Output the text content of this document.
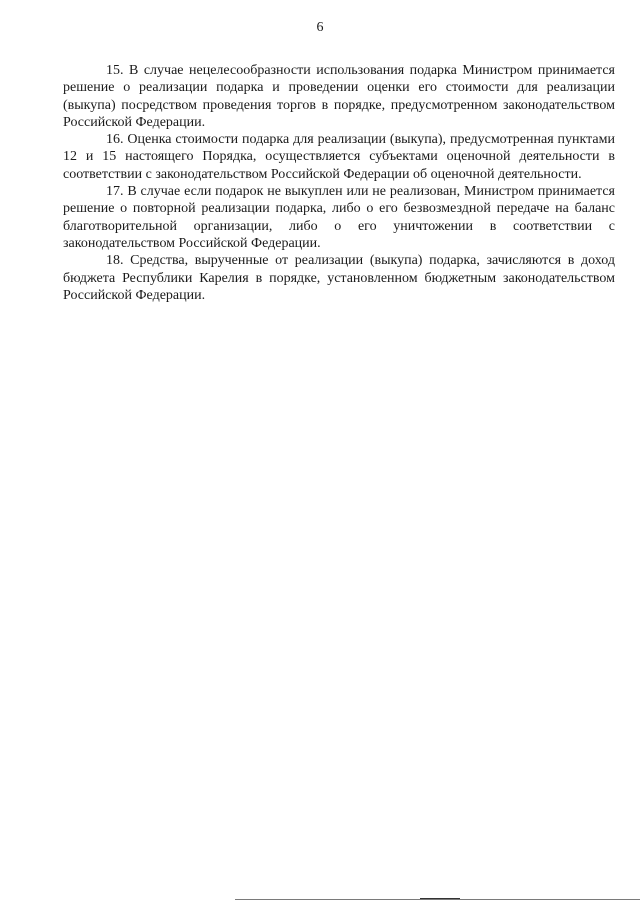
6

15. В случае нецелесообразности использования подарка Министром принимается решение о реализации подарка и проведении оценки его стоимости для реализации (выкупа) посредством проведения торгов в порядке, предусмотренном законодательством Российской Федерации.

16. Оценка стоимости подарка для реализации (выкупа), предусмотренная пунктами 12 и 15 настоящего Порядка, осуществляется субъектами оценочной деятельности в соответствии с законодательством Российской Федерации об оценочной деятельности.

17. В случае если подарок не выкуплен или не реализован, Министром принимается решение о повторной реализации подарка, либо о его безвозмездной передаче на баланс благотворительной организации, либо о его уничтожении в соответствии с законодательством Российской Федерации.

18. Средства, вырученные от реализации (выкупа) подарка, зачисляются в доход бюджета Республики Карелия в порядке, установленном бюджетным законодательством Российской Федерации.
